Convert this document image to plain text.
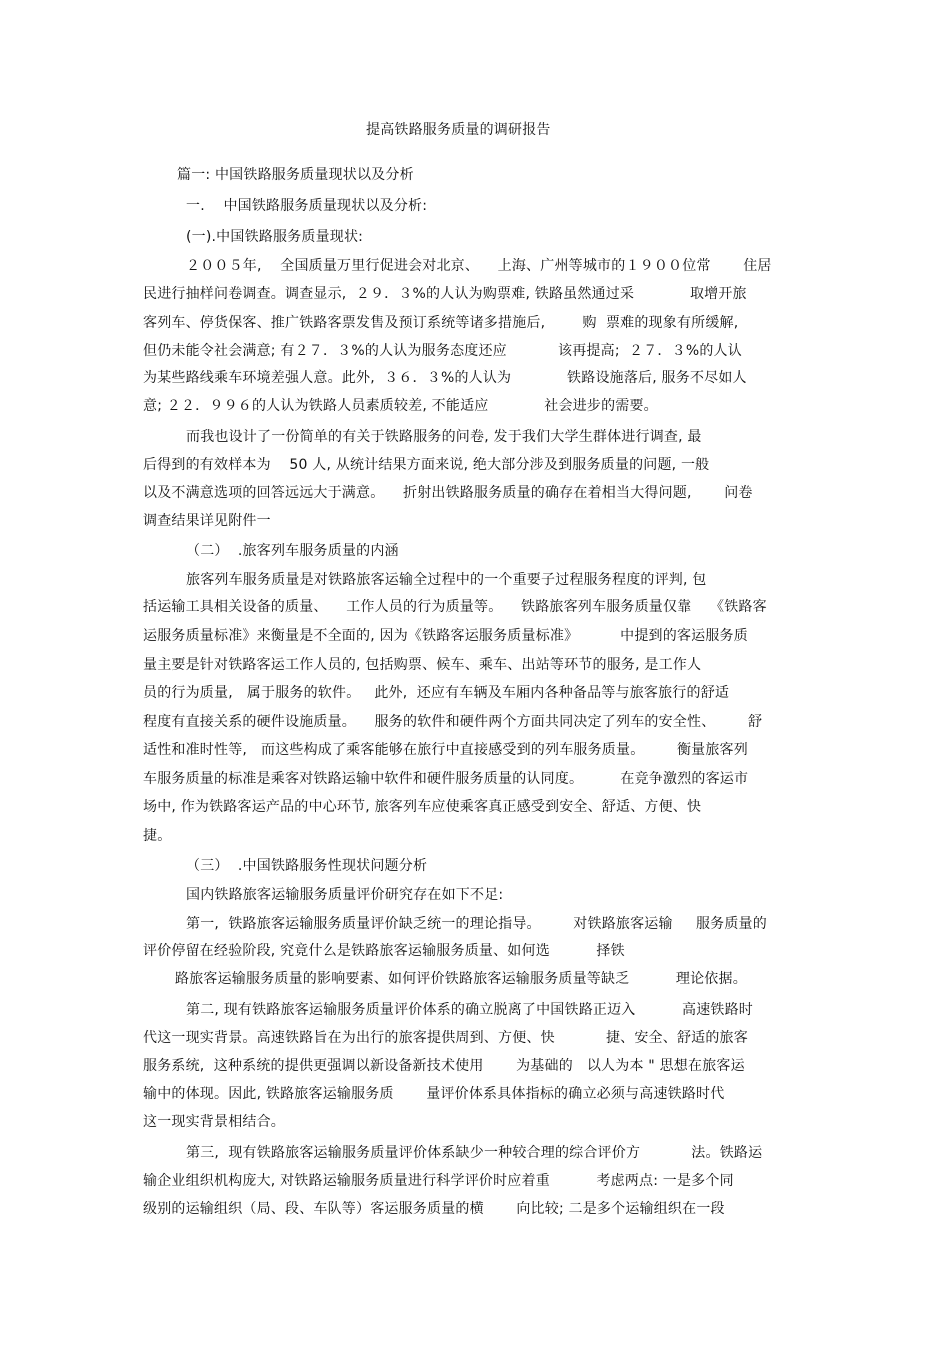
提高铁路服务质量的调研报告
篇一: 中国铁路服务质量现状以及分析
一.    中国铁路服务质量现状以及分析:
(一).中国铁路服务质量现状:
２００５年,    全国质量万里行促进会对北京、    上海、广州等城市的１９００位常       住居
民进行抽样问卷调查。调查显示,  ２９．３%的人认为购票难, 铁路虽然通过采            取增开旅
客列车、停货保客、推广铁路客票发售及预订系统等诸多措施后,        购  票难的现象有所缓解,
但仍未能令社会满意; 有２７．３%的人认为服务态度还应           该再提高;  ２７．３%的人认
为某些路线乘车环境差强人意。此外,  ３６．３%的人认为            铁路设施落后, 服务不尽如人
意; ２２．９９６的人认为铁路人员素质较差, 不能适应            社会进步的需要。
而我也设计了一份简单的有关于铁路服务的问卷, 发于我们大学生群体进行调查, 最
后得到的有效样本为    50 人, 从统计结果方面来说, 绝大部分涉及到服务质量的问题, 一般
以及不满意选项的回答远远大于满意。    折射出铁路服务质量的确存在着相当大得问题,       问卷
调查结果详见附件一
（二）  .旅客列车服务质量的内涵
旅客列车服务质量是对铁路旅客运输全过程中的一个重要子过程服务程度的评判, 包
括运输工具相关设备的质量、    工作人员的行为质量等。    铁路旅客列车服务质量仅靠    《铁路客
运服务质量标准》来衡量是不全面的, 因为《铁路客运服务质量标准》         中提到的客运服务质
量主要是针对铁路客运工作人员的, 包括购票、候车、乘车、出站等环节的服务, 是工作人
员的行为质量,   属于服务的软件。   此外,  还应有车辆及车厢内各种备品等与旅客旅行的舒适
程度有直接关系的硬件设施质量。    服务的软件和硬件两个方面共同决定了列车的安全性、       舒
适性和准时性等,   而这些构成了乘客能够在旅行中直接感受到的列车服务质量。       衡量旅客列
车服务质量的标准是乘客对铁路运输中软件和硬件服务质量的认同度。        在竞争激烈的客运市
场中, 作为铁路客运产品的中心环节, 旅客列车应使乘客真正感受到安全、舒适、方便、快
捷。
（三）  .中国铁路服务性现状问题分析
国内铁路旅客运输服务质量评价研究存在如下不足:
第一,  铁路旅客运输服务质量评价缺乏统一的理论指导。       对铁路旅客运输     服务质量的
评价停留在经验阶段, 究竟什么是铁路旅客运输服务质量、如何选          择铁
路旅客运输服务质量的影响要素、如何评价铁路旅客运输服务质量等缺乏          理论依据。
第二, 现有铁路旅客运输服务质量评价体系的确立脱离了中国铁路正迈入          高速铁路时
代这一现实背景。高速铁路旨在为出行的旅客提供周到、方便、快           捷、安全、舒适的旅客
服务系统,  这种系统的提供更强调以新设备新技术使用       为基础的   以人为本 " 思想在旅客运
输中的体现。因此, 铁路旅客运输服务质       量评价体系具体指标的确立必须与高速铁路时代
这一现实背景相结合。
第三,  现有铁路旅客运输服务质量评价体系缺少一种较合理的综合评价方           法。铁路运
输企业组织机构庞大, 对铁路运输服务质量进行科学评价时应着重          考虑两点: 一是多个同
级别的运输组织（局、段、车队等）客运服务质量的横       向比较; 二是多个运输组织在一段
